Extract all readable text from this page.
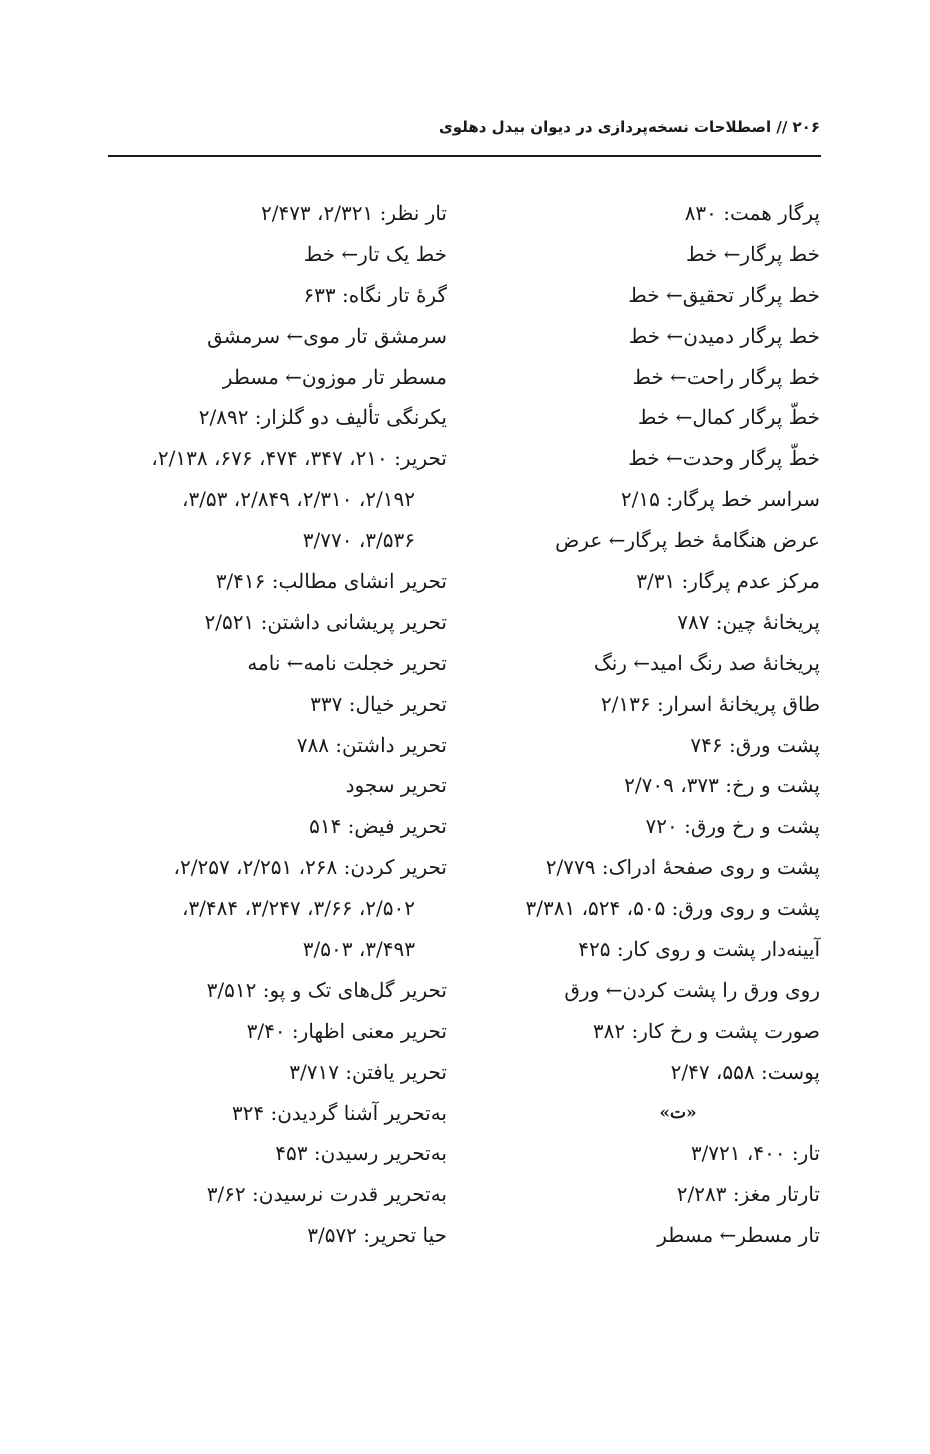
۲۰۶ // اصطلاحات نسخه‌پردازی در دیوان بیدل دهلوی
پرگار همت: ۸۳۰
خط پرگار← خط
خط پرگار تحقیق← خط
خط پرگار دمیدن← خط
خط پرگار راحت← خط
خطّ پرگار کمال← خط
خطّ پرگار وحدت← خط
سراسر خط پرگار: ۲/۱۵
عرض هنگامهٔ خط پرگار← عرض
مرکز عدم پرگار: ۳/۳۱
پریخانهٔ چین: ۷۸۷
پریخانهٔ صد رنگ امید← رنگ
طاق پریخانهٔ اسرار: ۲/۱۳۶
پشت ورق: ۷۴۶
پشت و رخ: ۳۷۳، ۲/۷۰۹
پشت و رخ ورق: ۷۲۰
پشت و روی صفحهٔ ادراک: ۲/۷۷۹
پشت و روی ورق: ۵۰۵، ۵۲۴، ۳/۳۸۱
آیینه‌دار پشت و روی کار: ۴۲۵
روی ورق را پشت کردن← ورق
صورت پشت و رخ کار: ۳۸۲
پوست: ۵۵۸، ۲/۴۷
«ت»
تار: ۴۰۰، ۳/۷۲۱
تارتار مغز: ۲/۲۸۳
تار مسطر← مسطر
تار نظر: ۲/۳۲۱، ۲/۴۷۳
خط یک تار← خط
گرهٔ تار نگاه: ۶۳۳
سرمشق تار موی← سرمشق
مسطر تار موزون← مسطر
یکرنگی تألیف دو گلزار: ۲/۸۹۲
تحریر: ۲۱۰، ۳۴۷، ۴۷۴، ۶۷۶، ۲/۱۳۸،
۲/۱۹۲، ۲/۳۱۰، ۲/۸۴۹، ۳/۵۳،
۳/۵۳۶، ۳/۷۷۰
تحریر انشای مطالب: ۳/۴۱۶
تحریر پریشانی داشتن: ۲/۵۲۱
تحریر خجلت نامه← نامه
تحریر خیال: ۳۳۷
تحریر داشتن: ۷۸۸
تحریر سجود
تحریر فیض: ۵۱۴
تحریر کردن: ۲۶۸، ۲/۲۵۱، ۲/۲۵۷،
۲/۵۰۲، ۳/۶۶، ۳/۲۴۷، ۳/۴۸۴،
۳/۴۹۳، ۳/۵۰۳
تحریر گل‌های تک و پو: ۳/۵۱۲
تحریر معنی اظهار: ۳/۴۰
تحریر یافتن: ۳/۷۱۷
به‌تحریر آشنا گردیدن: ۳۲۴
به‌تحریر رسیدن: ۴۵۳
به‌تحریر قدرت نرسیدن: ۳/۶۲
حیا تحریر: ۳/۵۷۲
